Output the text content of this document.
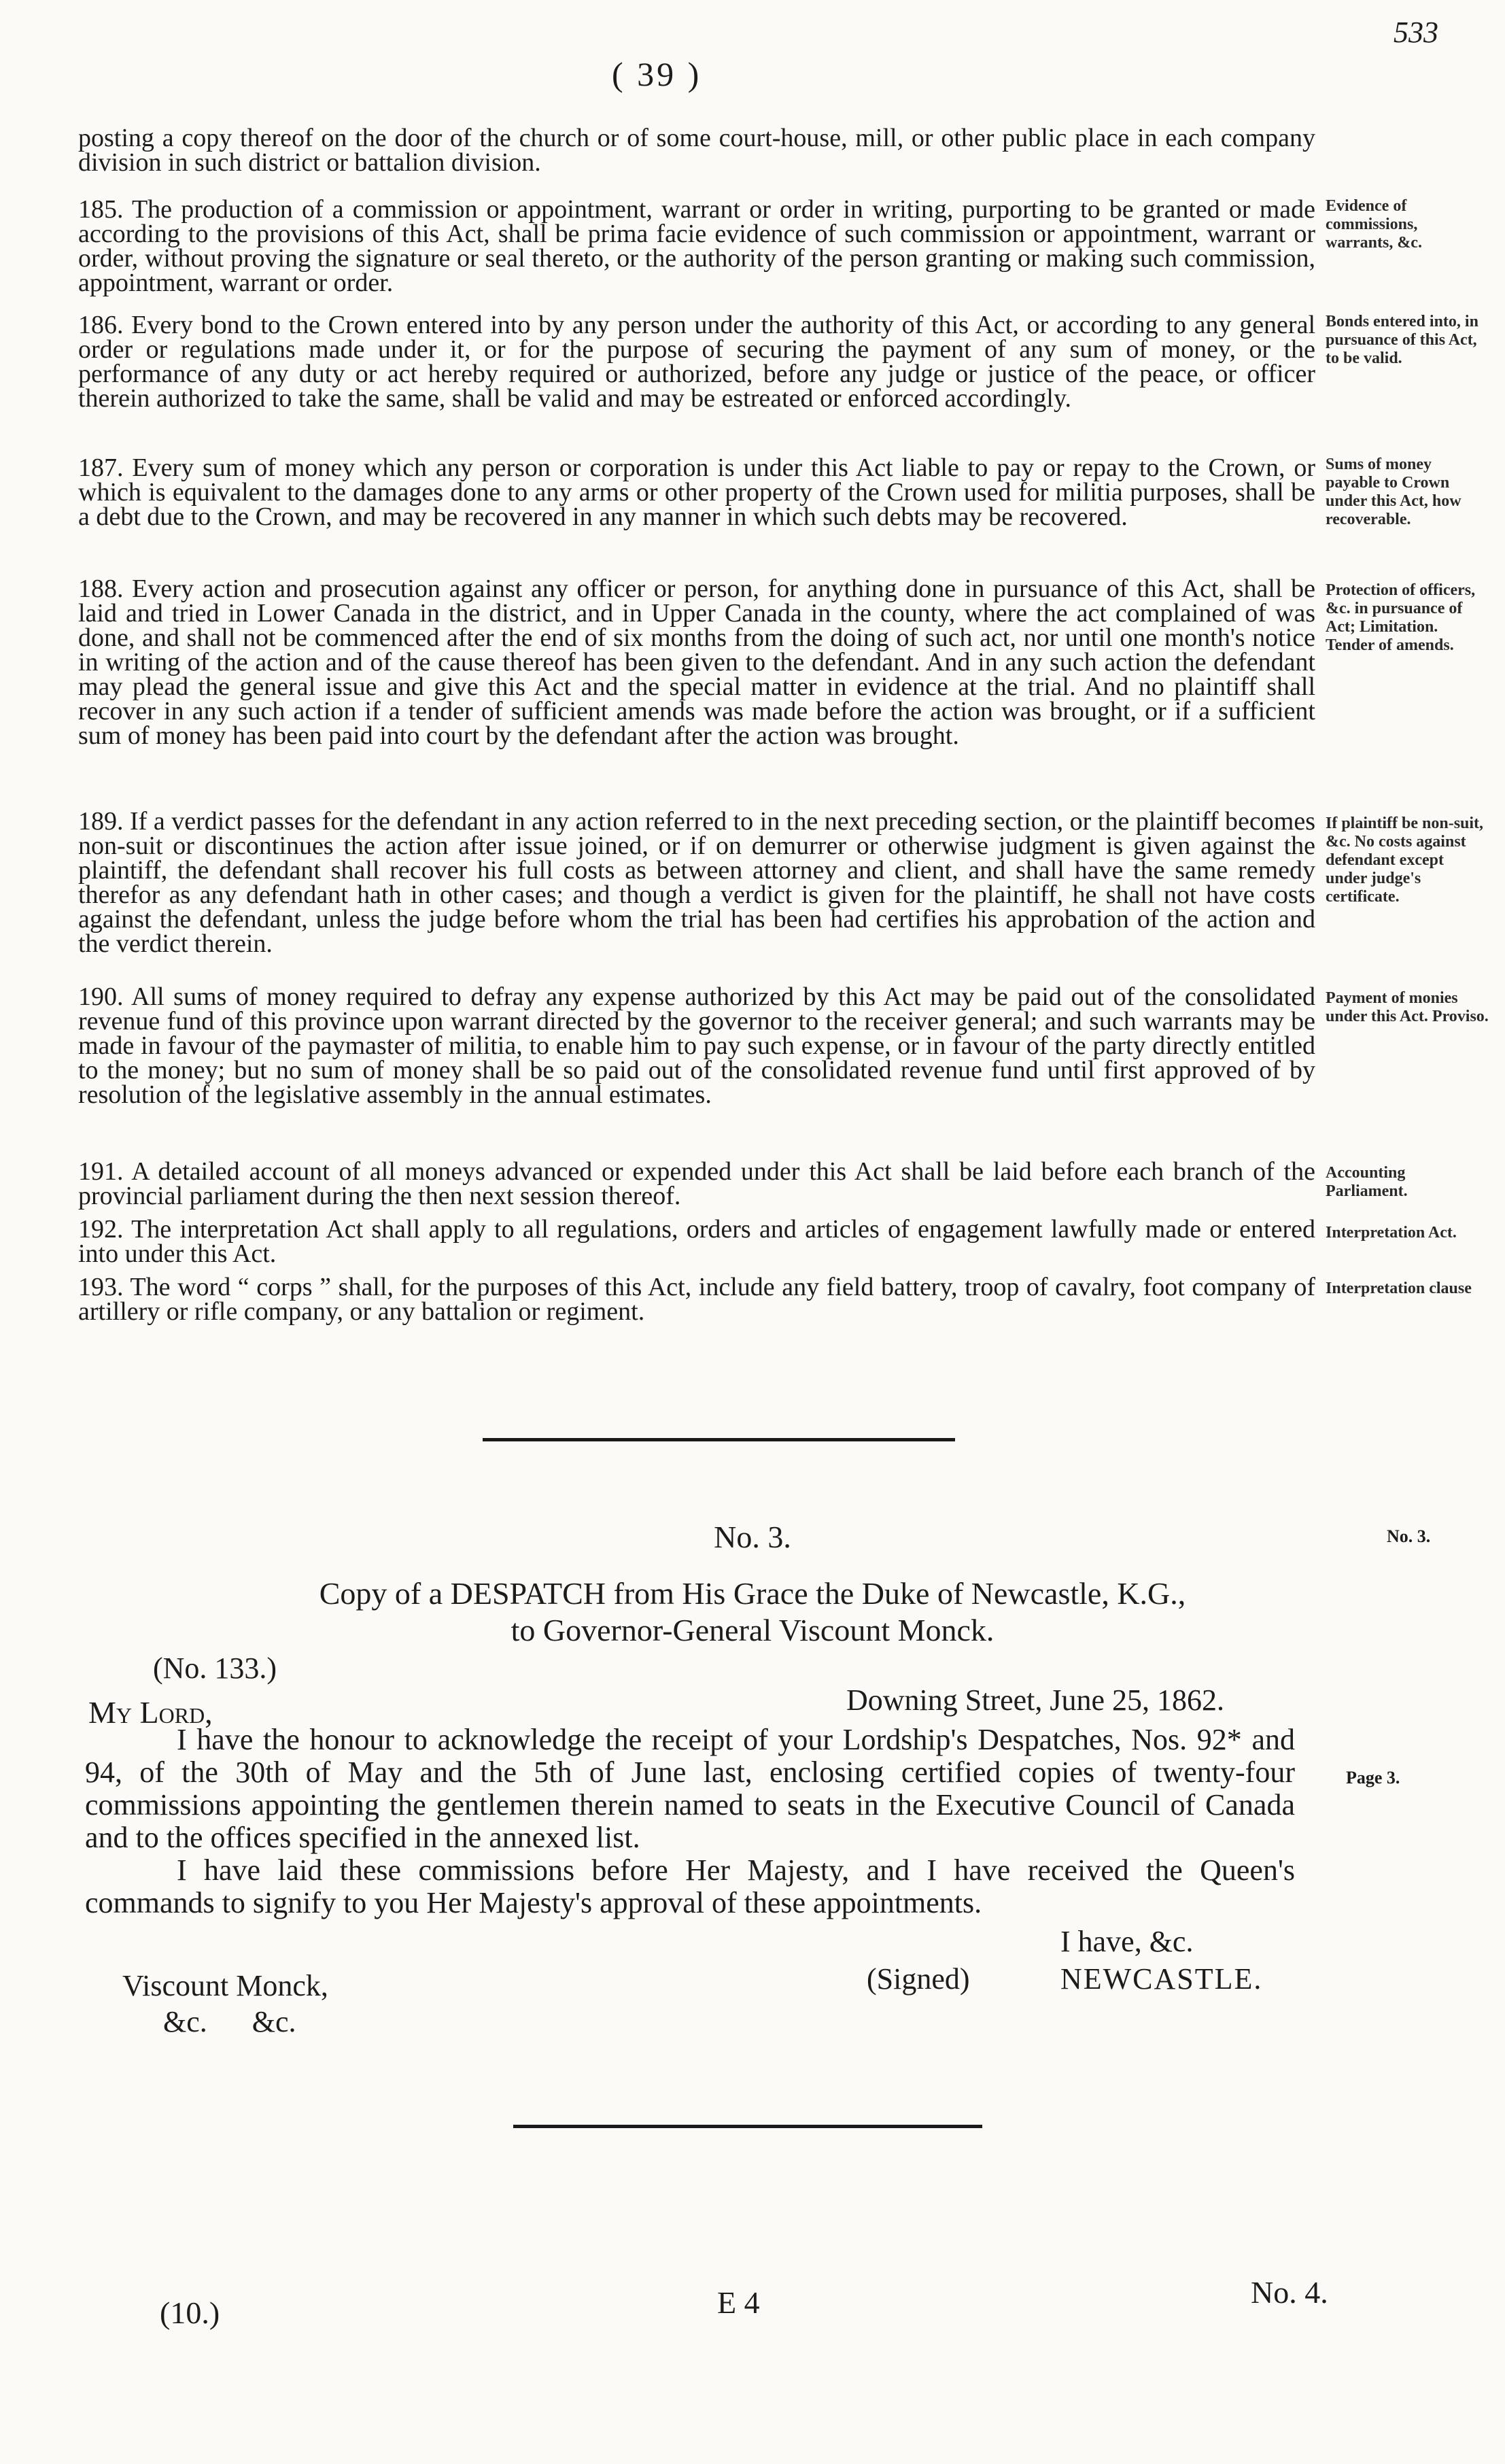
( 39 )
533
posting a copy thereof on the door of the church or of some court-house, mill, or other public place in each company division in such district or battalion division.
185. The production of a commission or appointment, warrant or order in writing, purporting to be granted or made according to the provisions of this Act, shall be prima facie evidence of such commission or appointment, warrant or order, without proving the signature or seal thereto, or the authority of the person granting or making such commission, appointment, warrant or order.
Evidence of commissions, warrants, &c.
186. Every bond to the Crown entered into by any person under the authority of this Act, or according to any general order or regulations made under it, or for the purpose of securing the payment of any sum of money, or the performance of any duty or act hereby required or authorized, before any judge or justice of the peace, or officer therein authorized to take the same, shall be valid and may be estreated or enforced accordingly.
Bonds entered into, in pursuance of this Act, to be valid.
187. Every sum of money which any person or corporation is under this Act liable to pay or repay to the Crown, or which is equivalent to the damages done to any arms or other property of the Crown used for militia purposes, shall be a debt due to the Crown, and may be recovered in any manner in which such debts may be recovered.
Sums of money payable to Crown under this Act, how recoverable.
188. Every action and prosecution against any officer or person, for anything done in pursuance of this Act, shall be laid and tried in Lower Canada in the district, and in Upper Canada in the county, where the act complained of was done, and shall not be commenced after the end of six months from the doing of such act, nor until one month's notice in writing of the action and of the cause thereof has been given to the defendant. And in any such action the defendant may plead the general issue and give this Act and the special matter in evidence at the trial. And no plaintiff shall recover in any such action if a tender of sufficient amends was made before the action was brought, or if a sufficient sum of money has been paid into court by the defendant after the action was brought.
Protection of officers, &c. in pursuance of Act; Limitation. Tender of amends.
189. If a verdict passes for the defendant in any action referred to in the next preceding section, or the plaintiff becomes non-suit or discontinues the action after issue joined, or if on demurrer or otherwise judgment is given against the plaintiff, the defendant shall recover his full costs as between attorney and client, and shall have the same remedy therefor as any defendant hath in other cases; and though a verdict is given for the plaintiff, he shall not have costs against the defendant, unless the judge before whom the trial has been had certifies his approbation of the action and the verdict therein.
If plaintiff be non-suit, &c. No costs against defendant except under judge's certificate.
190. All sums of money required to defray any expense authorized by this Act may be paid out of the consolidated revenue fund of this province upon warrant directed by the governor to the receiver general; and such warrants may be made in favour of the paymaster of militia, to enable him to pay such expense, or in favour of the party directly entitled to the money; but no sum of money shall be so paid out of the consolidated revenue fund until first approved of by resolution of the legislative assembly in the annual estimates.
Payment of monies under this Act. Proviso.
191. A detailed account of all moneys advanced or expended under this Act shall be laid before each branch of the provincial parliament during the then next session thereof.
Accounting Parliament.
192. The interpretation Act shall apply to all regulations, orders and articles of engagement lawfully made or entered into under this Act.
Interpretation Act.
193. The word “ corps ” shall, for the purposes of this Act, include any field battery, troop of cavalry, foot company of artillery or rifle company, or any battalion or regiment.
Interpretation clause
No. 3.	No. 3.
Copy of a DESPATCH from His Grace the Duke of Newcastle, K.G.,
to Governor-General Viscount Monck.
(No. 133.)
My Lord,	Downing Street, June 25, 1862.

I have the honour to acknowledge the receipt of your Lordship's Despatches, Nos. 92* and 94, of the 30th of May and the 5th of June last, enclosing certified copies of twenty-four commissions appointing the gentlemen therein named to seats in the Executive Council of Canada and to the offices specified in the annexed list.

I have laid these commissions before Her Majesty, and I have received the Queen's commands to signify to you Her Majesty's approval of these appointments.

Page 3.
I have, &c.
(Signed)	NEWCASTLE.
Viscount Monck,
&c.      &c.
(10.)	E 4	No. 4.
